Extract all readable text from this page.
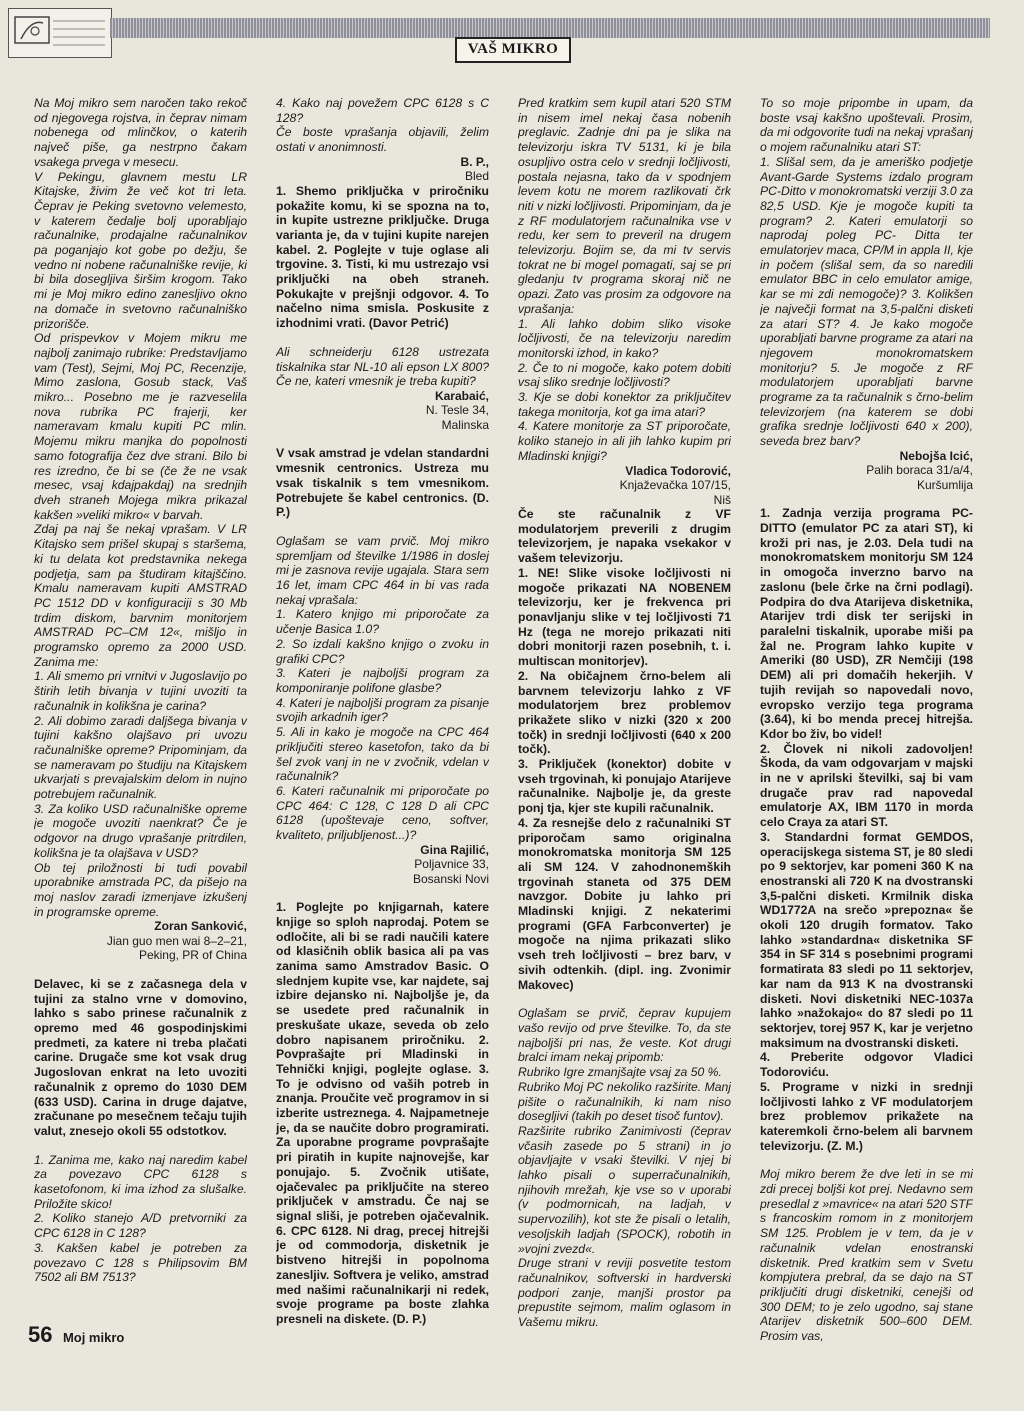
VAŠ MIKRO

Na Moj mikro sem naročen tako rekoč od njegovega rojstva, in čeprav nimam nobenega od mlinčkov, o katerih največ piše, ga nestrpno čakam vsakega prvega v mesecu.

V Pekingu, glavnem mestu LR Kitajske, živim že več kot tri leta. Čeprav je Peking svetovno velemesto, v katerem čedalje bolj uporabljajo računalnike, prodajalne računalnikov pa poganjajo kot gobe po dežju, še vedno ni nobene računalniške revije, ki bi bila dosegljiva širšim krogom. Tako mi je Moj mikro edino zanesljivo okno na domače in svetovno računalniško prizorišče.

Od prispevkov v Mojem mikru me najbolj zanimajo rubrike: Predstavljamo vam (Test), Sejmi, Moj PC, Recenzije, Mimo zaslona, Gosub stack, Vaš mikro... Posebno me je razveselila nova rubrika PC frajerji, ker nameravam kmalu kupiti PC mlin. Mojemu mikru manjka do popolnosti samo fotografija čez dve strani. Bilo bi res izredno, če bi se (če že ne vsak mesec, vsaj kdajpakdaj) na srednjih dveh straneh Mojega mikra prikazal kakšen »veliki mikro« v barvah.

Zdaj pa naj še nekaj vprašam. V LR Kitajsko sem prišel skupaj s staršema, ki tu delata kot predstavnika nekega podjetja, sam pa študiram kitajščino. Kmalu nameravam kupiti AMSTRAD PC 1512 DD v konfiguraciji s 30 Mb trdim diskom, barvnim monitorjem AMSTRAD PC–CM 12«, mišljo in programsko opremo za 2000 USD. Zanima me:

1. Ali smemo pri vrnitvi v Jugoslavijo po štirih letih bivanja v tujini uvoziti ta računalnik in kolikšna je carina?

2. Ali dobimo zaradi daljšega bivanja v tujini kakšno olajšavo pri uvozu računalniške opreme? Pripominjam, da se nameravam po študiju na Kitajskem ukvarjati s prevajalskim delom in nujno potrebujem računalnik.

3. Za koliko USD računalniške opreme je mogoče uvoziti naenkrat? Če je odgovor na drugo vprašanje pritrdilen, kolikšna je ta olajšava v USD?

Ob tej priložnosti bi tudi povabil uporabnike amstrada PC, da pišejo na moj naslov zaradi izmenjave izkušenj in programske opreme.

Zoran Sanković,
Jian guo men wai 8–2–21,
Peking, PR of China

Delavec, ki se z začasnega dela v tujini za stalno vrne v domovino, lahko s sabo prinese računalnik z opremo med 46 gospodinjskimi predmeti, za katere ni treba plačati carine. Drugače sme kot vsak drug Jugoslovan enkrat na leto uvoziti računalnik z opremo do 1030 DEM (633 USD). Carina in druge dajatve, zračunane po mesečnem tečaju tujih valut, znesejo okoli 55 odstotkov.

1. Zanima me, kako naj naredim kabel za povezavo CPC 6128 s kasetofonom, ki ima izhod za slušalke. Priložite skico!

2. Koliko stanejo A/D pretvorniki za CPC 6128 in C 128?

3. Kakšen kabel je potreben za povezavo C 128 s Philipsovim BM 7502 ali BM 7513?

4. Kako naj povežem CPC 6128 s C 128?

Če boste vprašanja objavili, želim ostati v anonimnosti.

B. P.,
Bled

1. Shemo priključka v priročniku pokažite komu, ki se spozna na to, in kupite ustrezne priključke. Druga varianta je, da v tujini kupite narejen kabel. 2. Poglejte v tuje oglase ali trgovine. 3. Tisti, ki mu ustrezajo vsi priključki na obeh straneh. Pokukajte v prejšnji odgovor. 4. To načelno nima smisla. Poskusite z izhodnimi vrati. (Davor Petrić)

Ali schneiderju 6128 ustrezata tiskalnika star NL-10 ali epson LX 800? Če ne, kateri vmesnik je treba kupiti?

Karabaić,
N. Tesle 34,
Malinska

V vsak amstrad je vdelan standardni vmesnik centronics. Ustreza mu vsak tiskalnik s tem vmesnikom. Potrebujete še kabel centronics. (D. P.)

Oglašam se vam prvič. Moj mikro spremljam od številke 1/1986 in doslej mi je zasnova revije ugajala. Stara sem 16 let, imam CPC 464 in bi vas rada nekaj vprašala:

1. Katero knjigo mi priporočate za učenje Basica 1.0?

2. So izdali kakšno knjigo o zvoku in grafiki CPC?

3. Kateri je najboljši program za komponiranje polifone glasbe?

4. Kateri je najboljši program za pisanje svojih arkadnih iger?

5. Ali in kako je mogoče na CPC 464 priključiti stereo kasetofon, tako da bi šel zvok vanj in ne v zvočnik, vdelan v računalnik?

6. Kateri računalnik mi priporočate po CPC 464: C 128, C 128 D ali CPC 6128 (upoštevaje ceno, softver, kvaliteto, priljubljenost...)?

Gina Rajilić,
Poljavnice 33,
Bosanski Novi

1. Poglejte po knjigarnah, katere knjige so sploh naprodaj. Potem se odločite, ali bi se radi naučili katere od klasičnih oblik basica ali pa vas zanima samo Amstradov Basic. O slednjem kupite vse, kar najdete, saj izbire dejansko ni. Najboljše je, da se usedete pred računalnik in preskušate ukaze, seveda ob zelo dobro napisanem priročniku. 2. Povprašajte pri Mladinski in Tehnički knjigi, poglejte oglase. 3. To je odvisno od vaših potreb in znanja. Proučite več programov in si izberite ustreznega. 4. Najpametneje je, da se naučite dobro programirati. Za uporabne programe povprašajte pri piratih in kupite najnovejše, kar ponujajo. 5. Zvočnik utišate, ojačevalec pa priključite na stereo priključek v amstradu. Če naj se signal sliši, je potreben ojačevalnik. 6. CPC 6128. Ni drag, precej hitrejši je od commodorja, disketnik je bistveno hitrejši in popolnoma zanesljiv. Softvera je veliko, amstrad med našimi računalnikarji ni redek, svoje programe pa boste zlahka presneli na diskete. (D. P.)

Pred kratkim sem kupil atari 520 STM in nisem imel nekaj časa nobenih preglavic. Zadnje dni pa je slika na televizorju iskra TV 5131, ki je bila osupljivo ostra celo v srednji ločljivosti, postala nejasna, tako da v spodnjem levem kotu ne morem razlikovati črk niti v nizki ločljivosti. Pripominjam, da je z RF modulatorjem računalnika vse v redu, ker sem to preveril na drugem televizorju. Bojim se, da mi tv servis tokrat ne bi mogel pomagati, saj se pri gledanju tv programa skoraj nič ne opazi. Zato vas prosim za odgovore na vprašanja:

1. Ali lahko dobim sliko visoke ločljivosti, če na televizorju naredim monitorski izhod, in kako?

2. Če to ni mogoče, kako potem dobiti vsaj sliko srednje ločljivosti?

3. Kje se dobi konektor za priključitev takega monitorja, kot ga ima atari?

4. Katere monitorje za ST priporočate, koliko stanejo in ali jih lahko kupim pri Mladinski knjigi?

Vladica Todorović,
Knjaževačka 107/15,
Niš

Če ste računalnik z VF modulatorjem preverili z drugim televizorjem, je napaka vsekakor v vašem televizorju.

1. NE! Slike visoke ločljivosti ni mogoče prikazati NA NOBENEM televizorju, ker je frekvenca pri ponavljanju slike v tej ločljivosti 71 Hz (tega ne morejo prikazati niti dobri monitorji razen posebnih, t. i. multiscan monitorjev).

2. Na običajnem črno-belem ali barvnem televizorju lahko z VF modulatorjem brez problemov prikažete sliko v nizki (320 x 200 točk) in srednji ločljivosti (640 x 200 točk).

3. Priključek (konektor) dobite v vseh trgovinah, ki ponujajo Atarijeve računalnike. Najbolje je, da greste ponj tja, kjer ste kupili računalnik.

4. Za resnejše delo z računalniki ST priporočam samo originalna monokromatska monitorja SM 125 ali SM 124. V zahodnonemških trgovinah staneta od 375 DEM navzgor. Dobite ju lahko pri Mladinski knjigi. Z nekaterimi programi (GFA Farbconverter) je mogoče na njima prikazati sliko vseh treh ločljivosti – brez barv, v sivih odtenkih. (dipl. ing. Zvonimir Makovec)

Oglašam se prvič, čeprav kupujem vašo revijo od prve številke. To, da ste najboljši pri nas, že veste. Kot drugi bralci imam nekaj pripomb:

Rubriko Igre zmanjšajte vsaj za 50 %.

Rubriko Moj PC nekoliko razširite. Manj pišite o računalnikih, ki nam niso dosegljivi (takih po deset tisoč funtov).

Razširite rubriko Zanimivosti (čeprav včasih zasede po 5 strani) in jo objavljajte v vsaki številki. V njej bi lahko pisali o superračunalnikih, njihovih mrežah, kje vse so v uporabi (v podmornicah, na ladjah, v supervozilih), kot ste že pisali o letalih, vesoljskih ladjah (SPOCK), robotih in »vojni zvezd«.

Druge strani v reviji posvetite testom računalnikov, softverski in hardverski podpori zanje, manjši prostor pa prepustite sejmom, malim oglasom in Vašemu mikru.

To so moje pripombe in upam, da boste vsaj kakšno upoštevali. Prosim, da mi odgovorite tudi na nekaj vprašanj o mojem računalniku atari ST:

1. Slišal sem, da je ameriško podjetje Avant-Garde Systems izdalo program PC-Ditto v monokromatski verziji 3.0 za 82,5 USD. Kje je mogoče kupiti ta program? 2. Kateri emulatorji so naprodaj poleg PC- Ditta ter emulatorjev maca, CP/M in appla II, kje in počem (slišal sem, da so naredili emulator BBC in celo emulator amige, kar se mi zdi nemogoče)? 3. Kolikšen je največji format na 3,5-palčni disketi za atari ST? 4. Je kako mogoče uporabljati barvne programe za atari na njegovem monokromatskem monitorju? 5. Je mogoče z RF modulatorjem uporabljati barvne programe za ta računalnik s črno-belim televizorjem (na katerem se dobi grafika srednje ločljivosti 640 x 200), seveda brez barv?

Nebojša Icić,
Palih boraca 31/a/4,
Kuršumlija

1. Zadnja verzija programa PC-DITTO (emulator PC za atari ST), ki kroži pri nas, je 2.03. Dela tudi na monokromatskem monitorju SM 124 in omogoča inverzno barvo na zaslonu (bele črke na črni podlagi). Podpira do dva Atarijeva disketnika, Atarijev trdi disk ter serijski in paralelni tiskalnik, uporabe miši pa žal ne. Program lahko kupite v Ameriki (80 USD), ZR Nemčiji (198 DEM) ali pri domačih hekerjih. V tujih revijah so napovedali novo, evropsko verzijo tega programa (3.64), ki bo menda precej hitrejša. Kdor bo živ, bo videl!

2. Človek ni nikoli zadovoljen! Škoda, da vam odgovarjam v majski in ne v aprilski številki, saj bi vam drugače prav rad napovedal emulatorje AX, IBM 1170 in morda celo Craya za atari ST.

3. Standardni format GEMDOS, operacijskega sistema ST, je 80 sledi po 9 sektorjev, kar pomeni 360 K na enostranski ali 720 K na dvostranski 3,5-palčni disketi. Krmilnik diska WD1772A na srečo »prepozna« še okoli 120 drugih formatov. Tako lahko »standardna« disketnika SF 354 in SF 314 s posebnimi programi formatirata 83 sledi po 11 sektorjev, kar nam da 913 K na dvostranski disketi. Novi disketniki NEC-1037a lahko »nažokajo« do 87 sledi po 11 sektorjev, torej 957 K, kar je verjetno maksimum na dvostranski disketi.

4. Preberite odgovor Vladici Todoroviću.

5. Programe v nizki in srednji ločljivosti lahko z VF modulatorjem brez problemov prikažete na kateremkoli črno-belem ali barvnem televizorju. (Z. M.)

Moj mikro berem že dve leti in se mi zdi precej boljši kot prej. Nedavno sem presedlal z »mavrice« na atari 520 STF s francoskim romom in z monitorjem SM 125. Problem je v tem, da je v računalnik vdelan enostranski disketnik. Pred kratkim sem v Svetu kompjutera prebral, da se dajo na ST priključiti drugi disketniki, cenejši od 300 DEM; to je zelo ugodno, saj stane Atarijev disketnik 500–600 DEM. Prosim vas,

56 Moj mikro
